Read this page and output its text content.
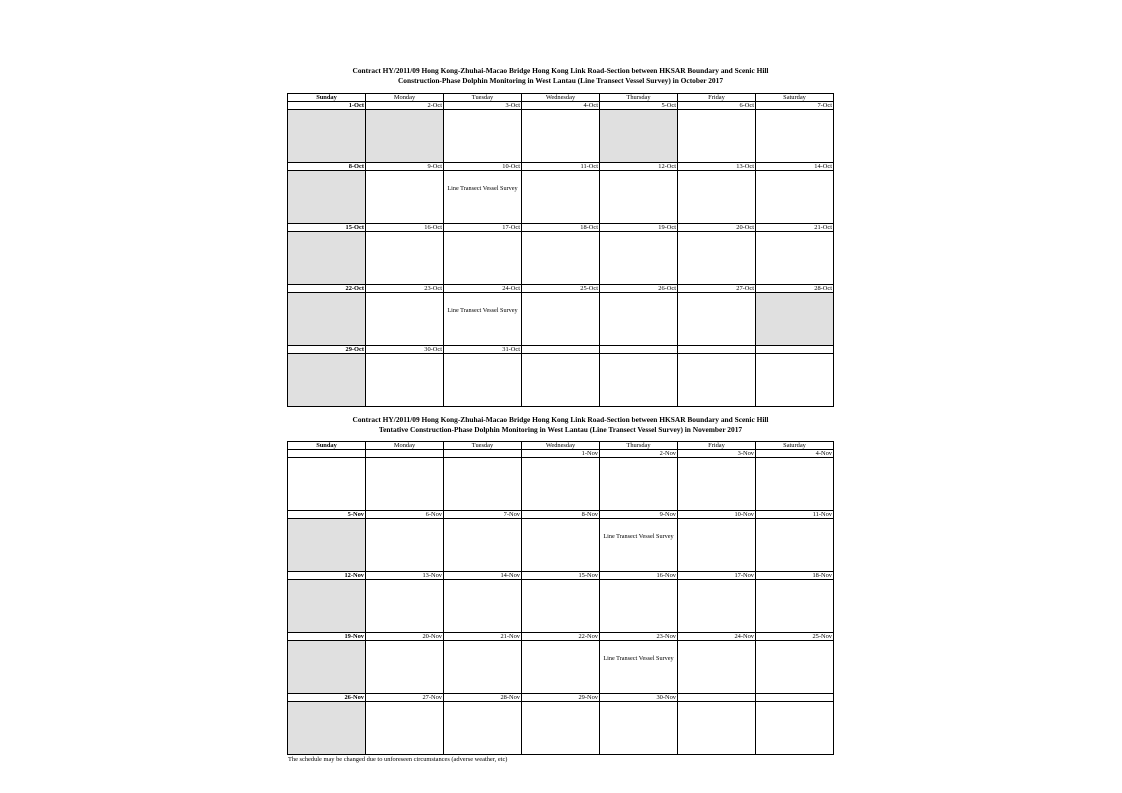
Contract HY/2011/09 Hong Kong-Zhuhai-Macao Bridge Hong Kong Link Road-Section between HKSAR Boundary and Scenic Hill
Construction-Phase Dolphin Monitoring in West Lantau (Line Transect Vessel Survey) in October 2017
Sunday	Monday	Tuesday	Wednesday	Thursday	Friday	Saturday
1-Oct	2-Oct	3-Oct	4-Oct	5-Oct	6-Oct	7-Oct

8-Oct	9-Oct	10-Oct	11-Oct	12-Oct	13-Oct	14-Oct

		Line Transect Vessel Survey				

15-Oct	16-Oct	17-Oct	18-Oct	19-Oct	20-Oct	21-Oct

22-Oct	23-Oct	24-Oct	25-Oct	26-Oct	27-Oct	28-Oct

		Line Transect Vessel Survey				

29-Oct	30-Oct	31-Oct				

Contract HY/2011/09 Hong Kong-Zhuhai-Macao Bridge Hong Kong Link Road-Section between HKSAR Boundary and Scenic Hill
Tentative Construction-Phase Dolphin Monitoring in West Lantau (Line Transect Vessel Survey) in November 2017
Sunday	Monday	Tuesday	Wednesday	Thursday	Friday	Saturday
			1-Nov	2-Nov	3-Nov	4-Nov

5-Nov	6-Nov	7-Nov	8-Nov	9-Nov	10-Nov	11-Nov

				Line Transect Vessel Survey		

12-Nov	13-Nov	14-Nov	15-Nov	16-Nov	17-Nov	18-Nov

19-Nov	20-Nov	21-Nov	22-Nov	23-Nov	24-Nov	25-Nov

				Line Transect Vessel Survey		

26-Nov	27-Nov	28-Nov	29-Nov	30-Nov		

The schedule may be changed due to unforeseen circumstances (adverse weather, etc)
